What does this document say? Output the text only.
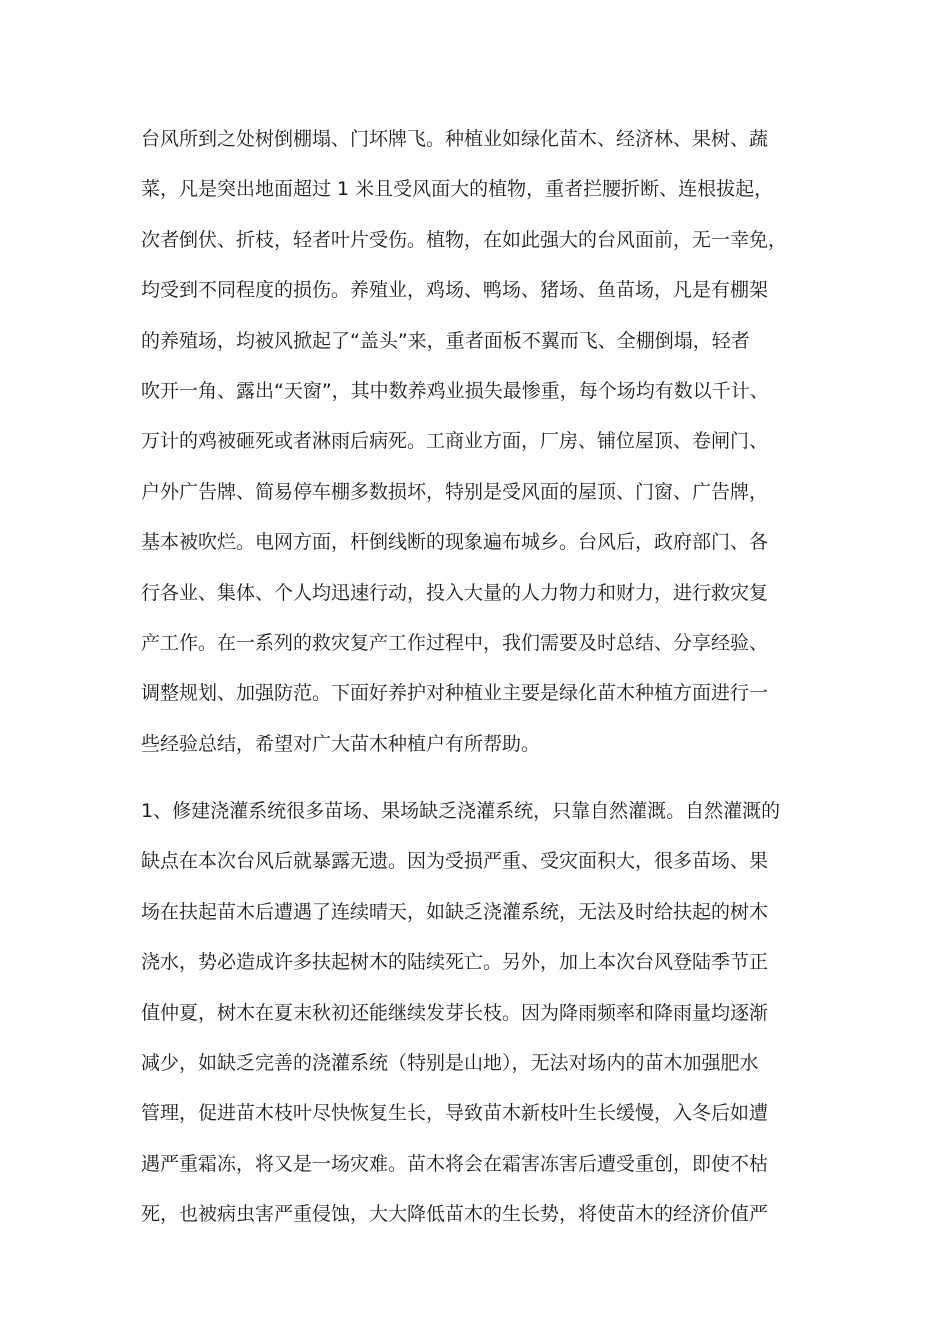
台风所到之处树倒棚塌、门坏牌飞。种植业如绿化苗木、经济林、果树、蔬
菜，凡是突出地面超过 1 米且受风面大的植物，重者拦腰折断、连根拔起，
次者倒伏、折枝，轻者叶片受伤。植物，在如此强大的台风面前，无一幸免，
均受到不同程度的损伤。养殖业，鸡场、鸭场、猪场、鱼苗场，凡是有棚架
的养殖场，均被风掀起了“盖头”来，重者面板不翼而飞、全棚倒塌，轻者
吹开一角、露出“天窗”，其中数养鸡业损失最惨重，每个场均有数以千计、
万计的鸡被砸死或者淋雨后病死。工商业方面，厂房、铺位屋顶、卷闸门、
户外广告牌、简易停车棚多数损坏，特别是受风面的屋顶、门窗、广告牌，
基本被吹烂。电网方面，杆倒线断的现象遍布城乡。台风后，政府部门、各
行各业、集体、个人均迅速行动，投入大量的人力物力和财力，进行救灾复
产工作。在一系列的救灾复产工作过程中，我们需要及时总结、分享经验、
调整规划、加强防范。下面好养护对种植业主要是绿化苗木种植方面进行一
些经验总结，希望对广大苗木种植户有所帮助。
1、修建浇灌系统很多苗场、果场缺乏浇灌系统，只靠自然灌溉。自然灌溉的
缺点在本次台风后就暴露无遗。因为受损严重、受灾面积大，很多苗场、果
场在扶起苗木后遭遇了连续晴天，如缺乏浇灌系统，无法及时给扶起的树木
浇水，势必造成许多扶起树木的陆续死亡。另外，加上本次台风登陆季节正
值仲夏，树木在夏末秋初还能继续发芽长枝。因为降雨频率和降雨量均逐渐
减少，如缺乏完善的浇灌系统（特别是山地），无法对场内的苗木加强肥水
管理，促进苗木枝叶尽快恢复生长，导致苗木新枝叶生长缓慢，入冬后如遭
遇严重霜冻，将又是一场灾难。苗木将会在霜害冻害后遭受重创，即使不枯
死，也被病虫害严重侵蚀，大大降低苗木的生长势，将使苗木的经济价值严
